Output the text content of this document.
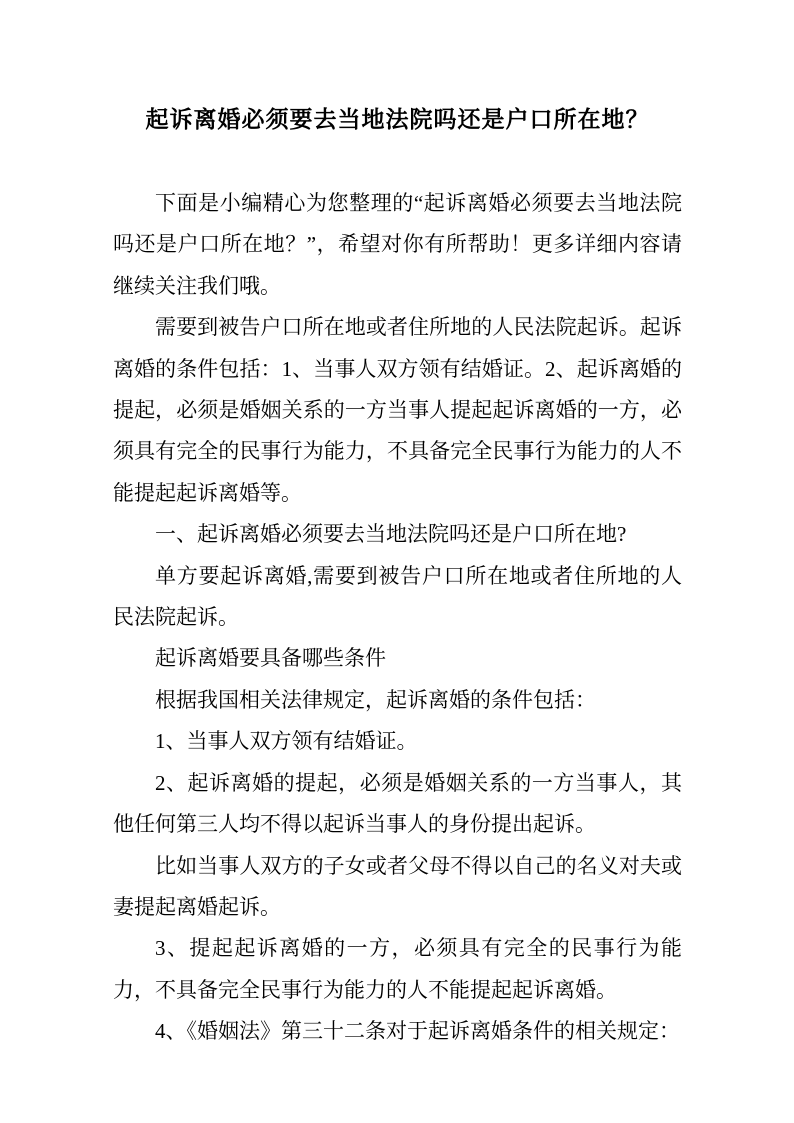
起诉离婚必须要去当地法院吗还是户口所在地？

下面是小编精心为您整理的“起诉离婚必须要去当地法院吗还是户口所在地？”，希望对你有所帮助！更多详细内容请继续关注我们哦。

需要到被告户口所在地或者住所地的人民法院起诉。起诉离婚的条件包括：1、当事人双方领有结婚证。2、起诉离婚的提起，必须是婚姻关系的一方当事人提起起诉离婚的一方，必须具有完全的民事行为能力，不具备完全民事行为能力的人不能提起起诉离婚等。

一、起诉离婚必须要去当地法院吗还是户口所在地?

单方要起诉离婚,需要到被告户口所在地或者住所地的人民法院起诉。

起诉离婚要具备哪些条件

根据我国相关法律规定，起诉离婚的条件包括：

1、当事人双方领有结婚证。

2、起诉离婚的提起，必须是婚姻关系的一方当事人，其他任何第三人均不得以起诉当事人的身份提出起诉。

比如当事人双方的子女或者父母不得以自己的名义对夫或妻提起离婚起诉。

3、提起起诉离婚的一方，必须具有完全的民事行为能力，不具备完全民事行为能力的人不能提起起诉离婚。

4、《婚姻法》第三十二条对于起诉离婚条件的相关规定：
